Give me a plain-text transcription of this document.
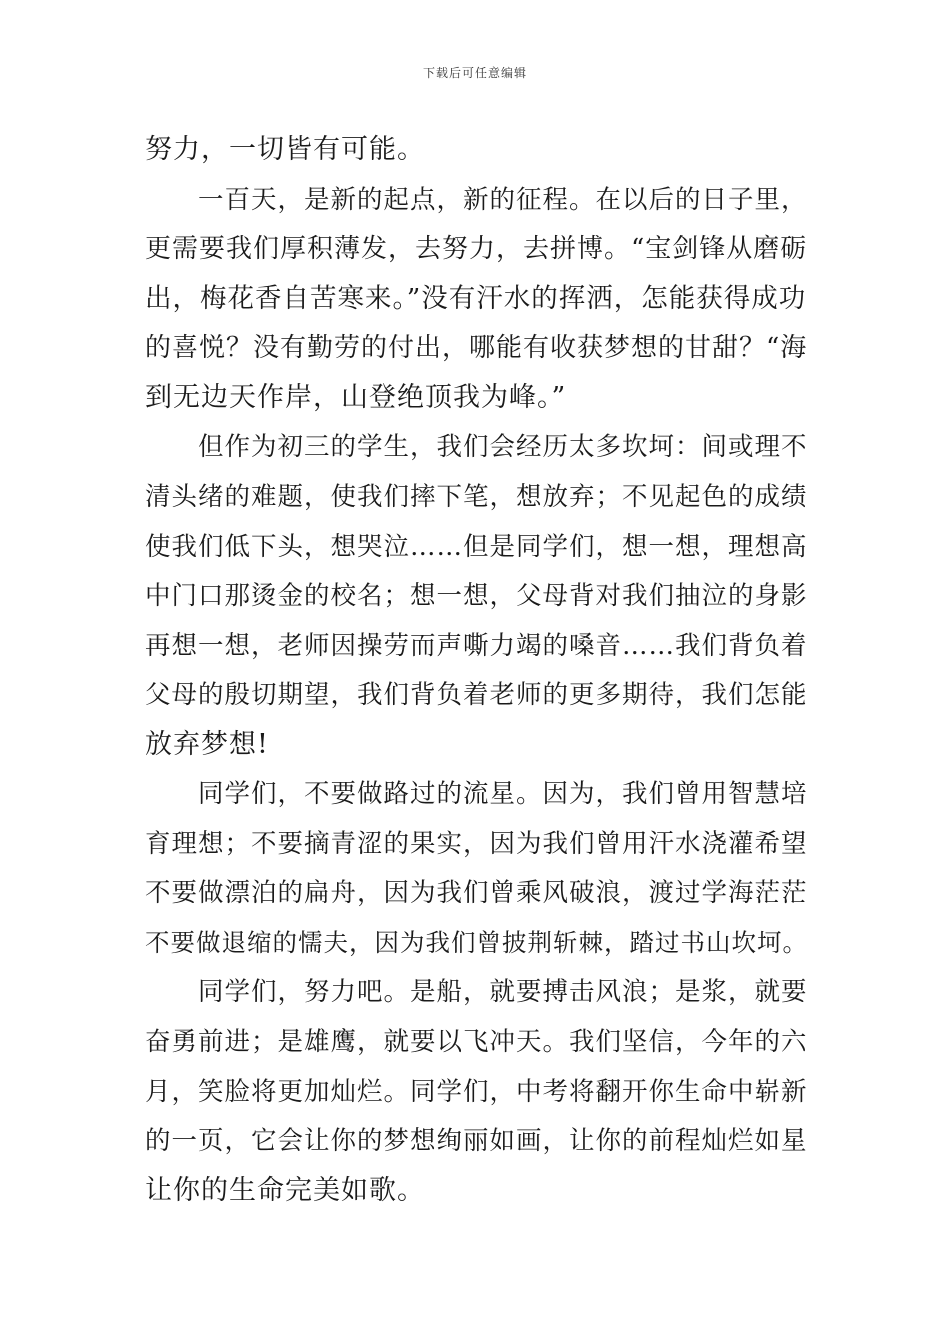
下载后可任意编辑
努力，一切皆有可能。
一百天，是新的起点，新的征程。在以后的日子里，
更需要我们厚积薄发，去努力，去拼博。“宝剑锋从磨砺
出，梅花香自苦寒来。”没有汗水的挥洒，怎能获得成功
的喜悦？没有勤劳的付出，哪能有收获梦想的甘甜？“海
到无边天作岸，山登绝顶我为峰。”
但作为初三的学生，我们会经历太多坎坷：间或理不
清头绪的难题，使我们摔下笔，想放弃；不见起色的成绩
使我们低下头，想哭泣……但是同学们，想一想，理想高
中门口那烫金的校名；想一想，父母背对我们抽泣的身影
再想一想，老师因操劳而声嘶力竭的嗓音……我们背负着
父母的殷切期望，我们背负着老师的更多期待，我们怎能
放弃梦想!
同学们，不要做路过的流星。因为，我们曾用智慧培
育理想；不要摘青涩的果实，因为我们曾用汗水浇灌希望
不要做漂泊的扁舟，因为我们曾乘风破浪，渡过学海茫茫
不要做退缩的懦夫，因为我们曾披荆斩棘，踏过书山坎坷。
同学们，努力吧。是船，就要搏击风浪；是浆，就要
奋勇前进；是雄鹰，就要以飞冲天。我们坚信，今年的六
月，笑脸将更加灿烂。同学们，中考将翻开你生命中崭新
的一页，它会让你的梦想绚丽如画，让你的前程灿烂如星
让你的生命完美如歌。
